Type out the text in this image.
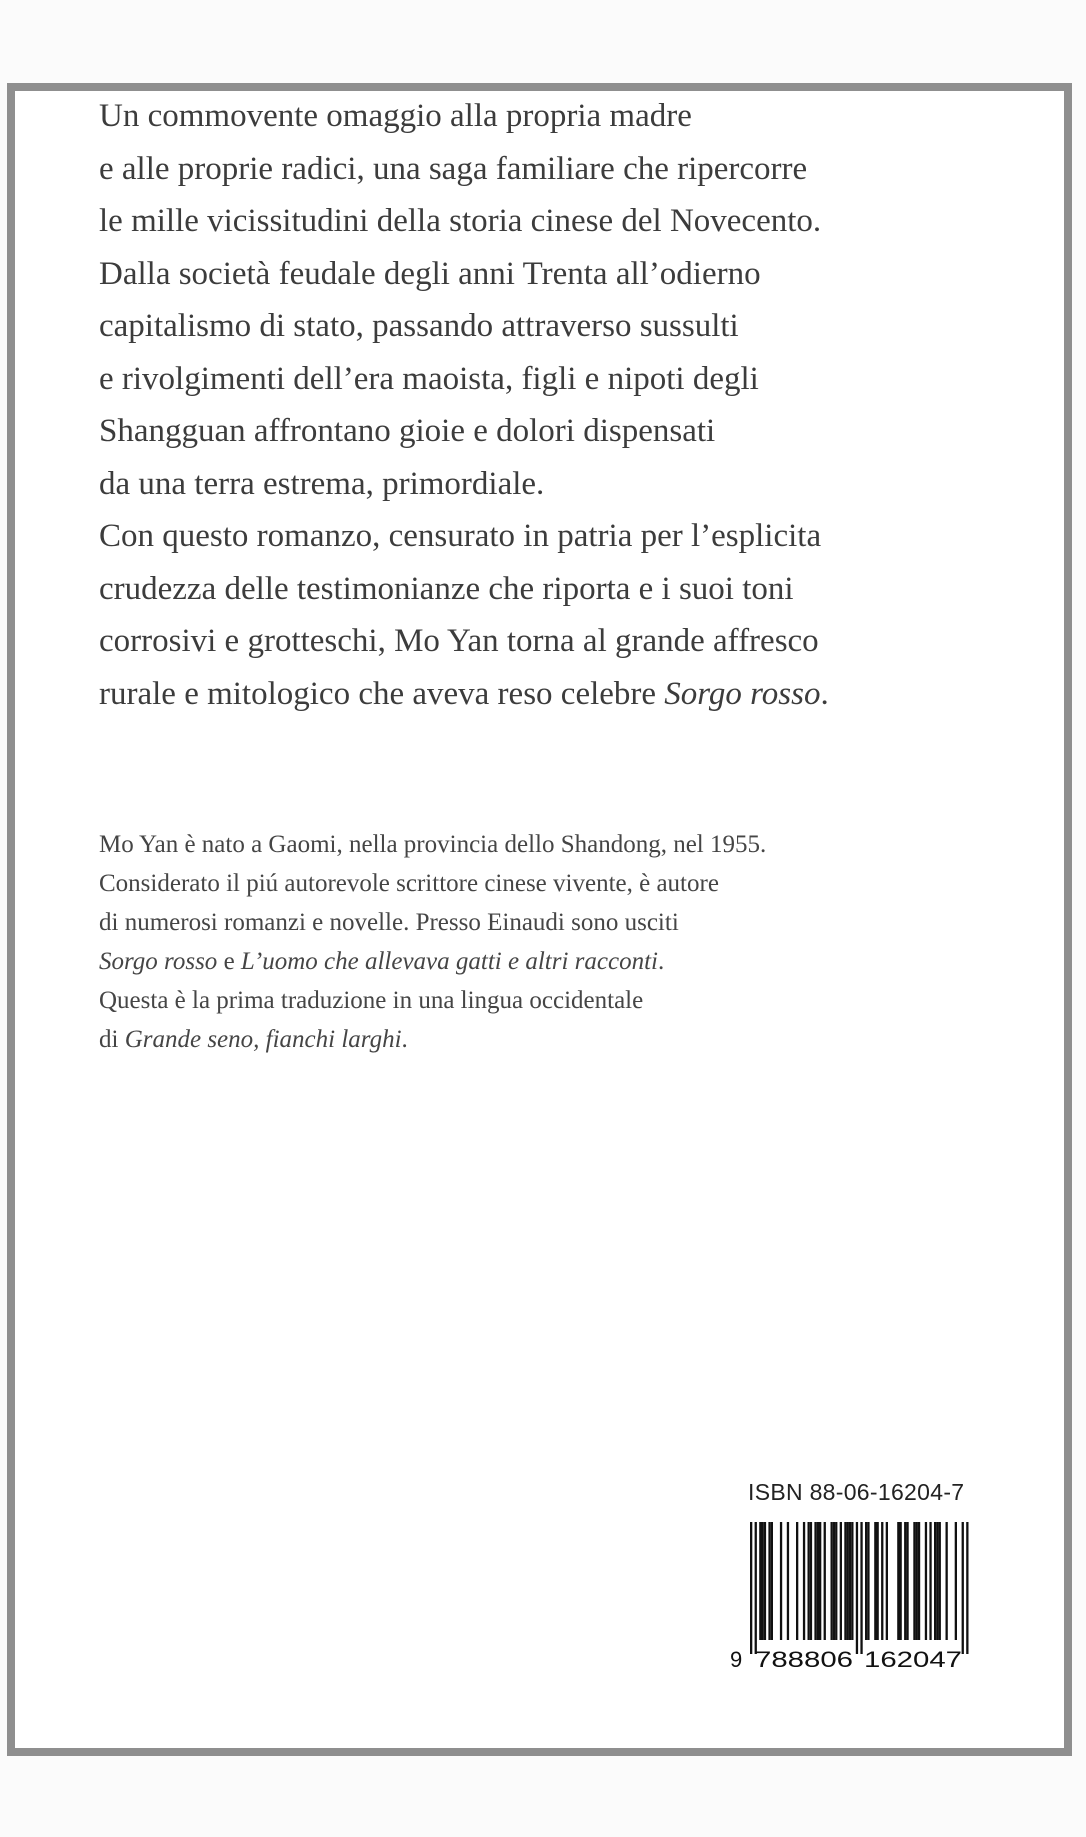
Un commovente omaggio alla propria madre
e alle proprie radici, una saga familiare che ripercorre
le mille vicissitudini della storia cinese del Novecento.
Dalla società feudale degli anni Trenta all’odierno
capitalismo di stato, passando attraverso sussulti
e rivolgimenti dell’era maoista, figli e nipoti degli
Shangguan affrontano gioie e dolori dispensati
da una terra estrema, primordiale.
Con questo romanzo, censurato in patria per l’esplicita
crudezza delle testimonianze che riporta e i suoi toni
corrosivi e grotteschi, Mo Yan torna al grande affresco
rurale e mitologico che aveva reso celebre Sorgo rosso.
Mo Yan è nato a Gaomi, nella provincia dello Shandong, nel 1955.
Considerato il piú autorevole scrittore cinese vivente, è autore
di numerosi romanzi e novelle. Presso Einaudi sono usciti
Sorgo rosso e L’uomo che allevava gatti e altri racconti.
Questa è la prima traduzione in una lingua occidentale
di Grande seno, fianchi larghi.
ISBN 88-06-16204-7
9 788806 162047
